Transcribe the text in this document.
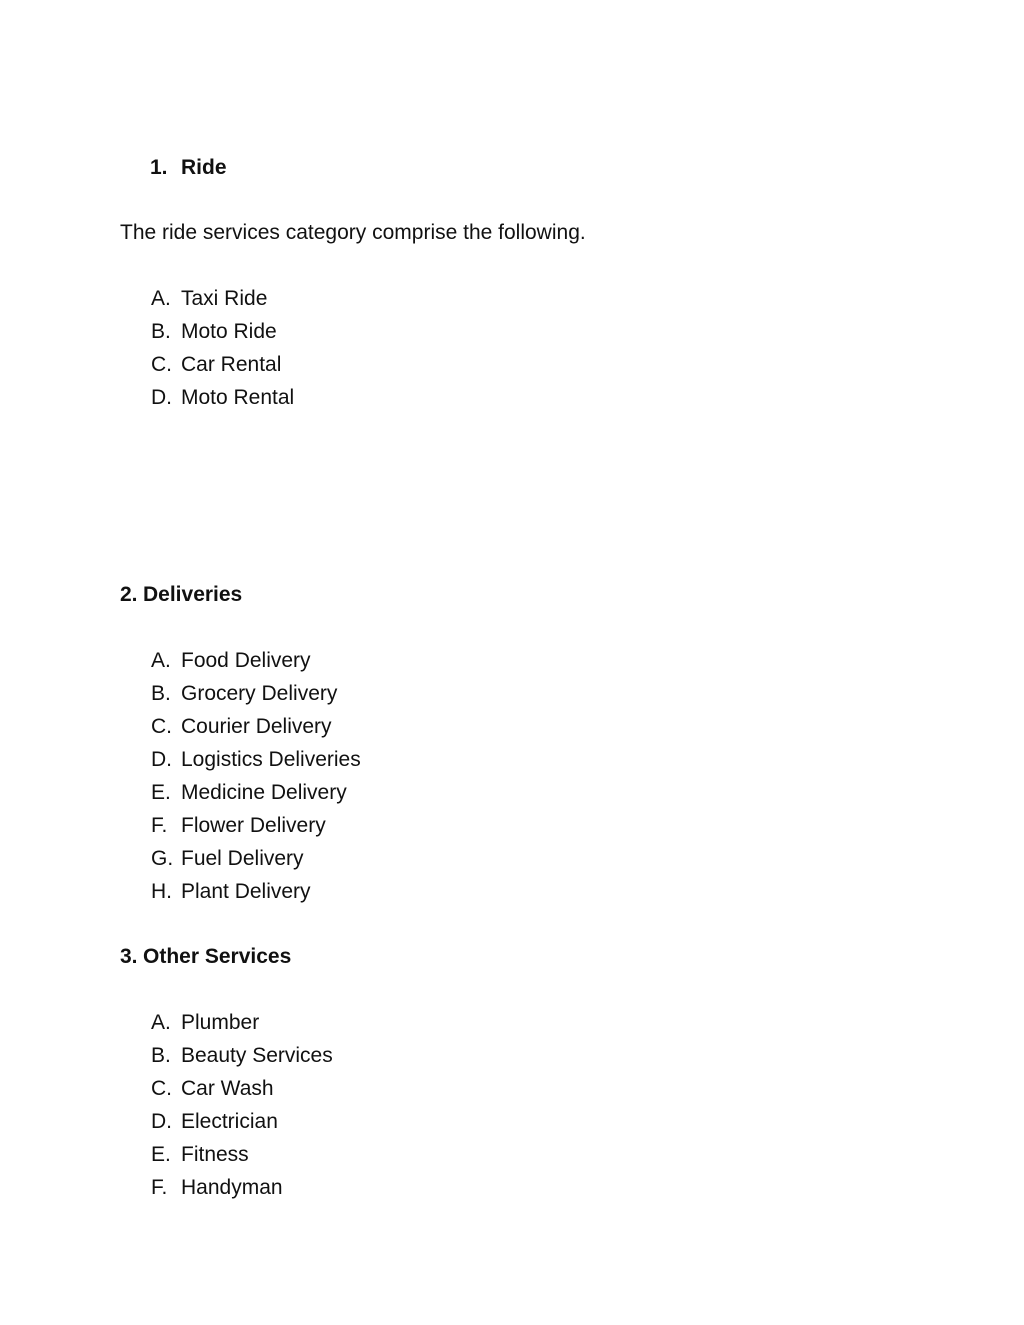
1. Ride
The ride services category comprise the following.
A. Taxi Ride
B. Moto Ride
C. Car Rental
D. Moto Rental
2. Deliveries
A. Food Delivery
B. Grocery Delivery
C. Courier Delivery
D. Logistics Deliveries
E. Medicine Delivery
F. Flower Delivery
G. Fuel Delivery
H. Plant Delivery
3. Other Services
A. Plumber
B. Beauty Services
C. Car Wash
D. Electrician
E. Fitness
F. Handyman
